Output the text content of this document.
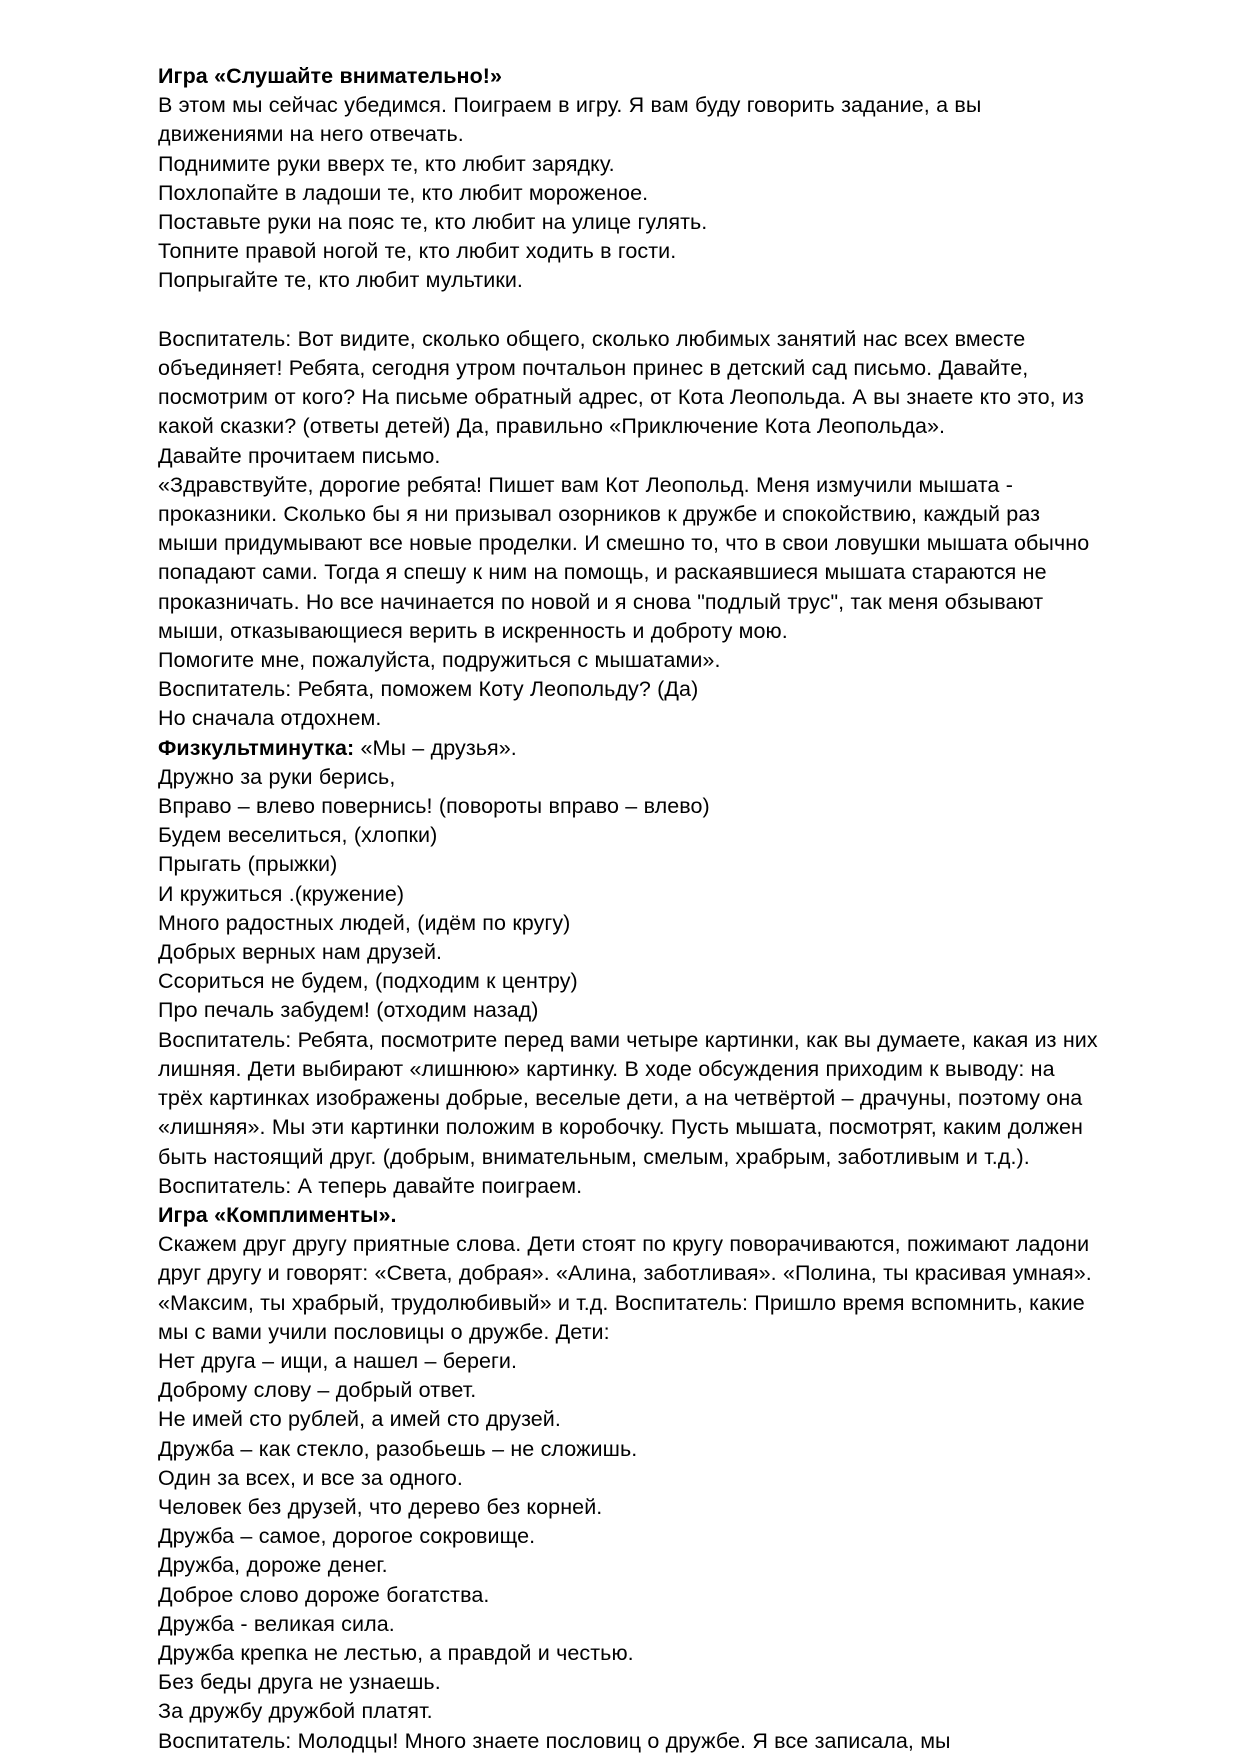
Игра «Слушайте внимательно!»

В этом мы сейчас убедимся. Поиграем в игру. Я вам буду говорить задание, а вы движениями на него отвечать.

Поднимите руки вверх те, кто любит зарядку.

Похлопайте в ладоши те, кто любит мороженое.

Поставьте руки на пояс те, кто любит на улице гулять.

Топните правой ногой те, кто любит ходить в гости.

Попрыгайте те, кто любит мультики.

Воспитатель: Вот видите, сколько общего, сколько любимых занятий нас всех вместе объединяет! Ребята, сегодня утром почтальон принес в детский сад письмо. Давайте, посмотрим от кого? На письме обратный адрес, от Кота Леопольда. А вы знаете кто это, из какой сказки? (ответы детей) Да, правильно «Приключение Кота Леопольда».

Давайте прочитаем письмо.

«Здравствуйте, дорогие ребята! Пишет вам Кот Леопольд. Меня измучили мышата - проказники. Сколько бы я ни призывал озорников к дружбе и спокойствию, каждый раз мыши придумывают все новые проделки. И смешно то, что в свои ловушки мышата обычно попадают сами. Тогда я спешу к ним на помощь, и раскаявшиеся мышата стараются не проказничать. Но все начинается по новой и я снова "подлый трус", так меня обзывают мыши, отказывающиеся верить в искренность и доброту мою.

Помогите мне, пожалуйста, подружиться с мышатами».

Воспитатель: Ребята, поможем Коту Леопольду? (Да)

Но сначала отдохнем.

Физкультминутка: «Мы – друзья».

Дружно за руки берись,

Вправо – влево повернись! (повороты вправо – влево)

Будем веселиться, (хлопки)

Прыгать (прыжки)

И кружиться .(кружение)

Много радостных людей, (идём по кругу)

Добрых верных нам друзей.

Ссориться не будем, (подходим к центру)

Про печаль забудем! (отходим назад)

Воспитатель: Ребята, посмотрите перед вами четыре картинки, как вы думаете, какая из них лишняя. Дети выбирают «лишнюю» картинку. В ходе обсуждения приходим к выводу: на трёх картинках изображены добрые, веселые дети, а на четвёртой – драчуны, поэтому она «лишняя». Мы эти картинки положим в коробочку. Пусть мышата, посмотрят, каким должен быть настоящий друг. (добрым, внимательным, смелым, храбрым, заботливым и т.д.). Воспитатель: А теперь давайте поиграем.

Игра «Комплименты».

Скажем друг другу приятные слова. Дети стоят по кругу поворачиваются, пожимают ладони друг другу и говорят: «Света, добрая». «Алина, заботливая». «Полина, ты красивая умная». «Максим, ты храбрый, трудолюбивый» и т.д. Воспитатель: Пришло время вспомнить, какие мы с вами учили пословицы о дружбе. Дети:

Нет друга – ищи, а нашел – береги.

Доброму слову – добрый ответ.

Не имей сто рублей, а имей сто друзей.

Дружба – как стекло, разобьешь – не сложишь.

Один за всех, и все за одного.

Человек без друзей, что дерево без корней.

Дружба – самое, дорогое сокровище.

Дружба, дороже денег.

Доброе слово дороже богатства.

Дружба - великая сила.

Дружба крепка не лестью, а правдой и честью.

Без беды друга не узнаешь.

За дружбу дружбой платят.

Воспитатель: Молодцы! Много знаете пословиц о дружбе. Я все записала, мы
